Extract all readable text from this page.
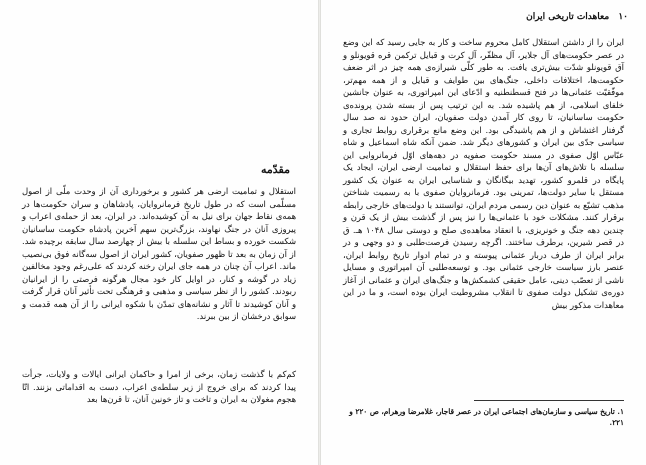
مقدّمه

استقلال و تمامیت ارضی هر کشور و برخورداری آن از وحدت ملّی از اصول مسلّمی است که در طول تاریخ فرمانروایان، پادشاهان و سران حکومت‌ها در همه‌ی نقاط جهان برای نیل به آن کوشیده‌اند. در ایران، بعد از حمله‌ی اعراب و پیروزی آنان در جنگ نهاوند، بزرگ‌ترین سهم آخرین پادشاه حکومت ساسانیان شکست خورده و بساط این سلسله با بیش از چهارصد سال سابقه برچیده شد. از آن زمان به بعد تا ظهور صفویان، کشور ایران از اصول سه‌گانه فوق بی‌نصیب ماند. اعراب آن چنان در همه جای ایران رخنه کردند که علی‌رغم وجود مخالفین زیاد در گوشه و کنار، در اوایل کار خود مجال هرگونه فرصتی را از ایرانیان ربودند. کشور را از نظر سیاسی و مذهبی و فرهنگی تحت تأثیر آنان قرار گرفت و آنان کوشیدند تا آثار و نشانه‌های تمدّن با شکوه ایرانی را از آن همه قدمت و سوابق درخشان از بین ببرند.

کم‌کم با گذشت زمان، برخی از امرا و حاکمان ایرانی ایالات و ولایات، جرأت پیدا کردند که برای خروج از زیر سلطه‌ی اعراب، دست به اقداماتی بزنند. اتّا هجوم مغولان به ایران و تاخت و تاز خونین آنان، تا قرن‌ها بعد

۱۰ معاهدات تاریخی ایران

ایران را از داشتن استقلال کامل محروم ساخت و کار به جایی رسید که این وضع در عصر حکومت‌های آل جلایر، آل مظفّر، آل کرت و قبایل ترکمن قره قویونلو و آق قویونلو شدّت بیش‌تری یافت. به طور کلّی شیرازه‌ی همه چیز در اثر ضعف حکومت‌ها، اختلافات داخلی، جنگ‌های بین طوایف و قبایل و از همه مهم‌تر، موفّقیّت عثمانی‌ها در فتح قسطنطنیه و ادّعای این امپراتوری، به عنوان جانشین خلفای اسلامی، از هم پاشیده شد. به این ترتیب پس از بسته شدن پرونده‌ی حکومت ساسانیان، تا روی کار آمدن دولت صفویان، ایران حدود نه صد سال گرفتار اغتشاش و از هم پاشیدگی بود. این وضع مانع برقراری روابط تجاری و سیاسی جدّی بین ایران و کشورهای دیگر شد. ضمن آنکه شاه اسماعیل و شاه عبّاس اوّل صفوی در مسند حکومت صفویه در دهه‌های اوّل فرمانروایی این سلسله با تلاش‌های آن‌ها برای حفظ استقلال و تمامیت ارضی ایران، ایجاد یک پایگاه در قلمرو کشور، تهدید بیگانگان و شناسایی ایران به عنوان یک کشور مستقل با سایر دولت‌ها، تمرینی بود. فرمانروایان صفوی با به رسمیت شناختن مذهب تشیّع به عنوان دین رسمی مردم ایران، توانستند با دولت‌های خارجی رابطه برقرار کنند. مشکلات خود با عثمانی‌ها را نیز پس از گذشت بیش از یک قرن و چندین دهه جنگ و خونریزی، با انعقاد معاهده‌ی صلح و دوستی سال ۱۰۴۸ هـ. ق در قصر شیرین، برطرف ساختند. اگرچه رسیدن فرصت‌طلبی و دو وجهی و در برابر ایران از طرف دربار عثمانی پیوسته و در تمام ادوار تاریخ روابط ایران، عنصر بارز سیاست خارجی عثمانی بود. و توسعه‌طلبی آن امپراتوری و مسایل ناشی از تعصّب دینی، عامل حقیقی کشمکش‌ها و جنگ‌های ایران و عثمانی از آغاز دوره‌ی تشکیل دولت صفوی تا انقلاب مشروطیت ایران بوده است، و ما در این معاهدات مذکور بیش

۱. تاریخ سیاسی و سازمان‌های اجتماعی ایران در عصر قاجار، غلامرضا ورهرام، ص ۲۲۰ و ۲۲۱.
